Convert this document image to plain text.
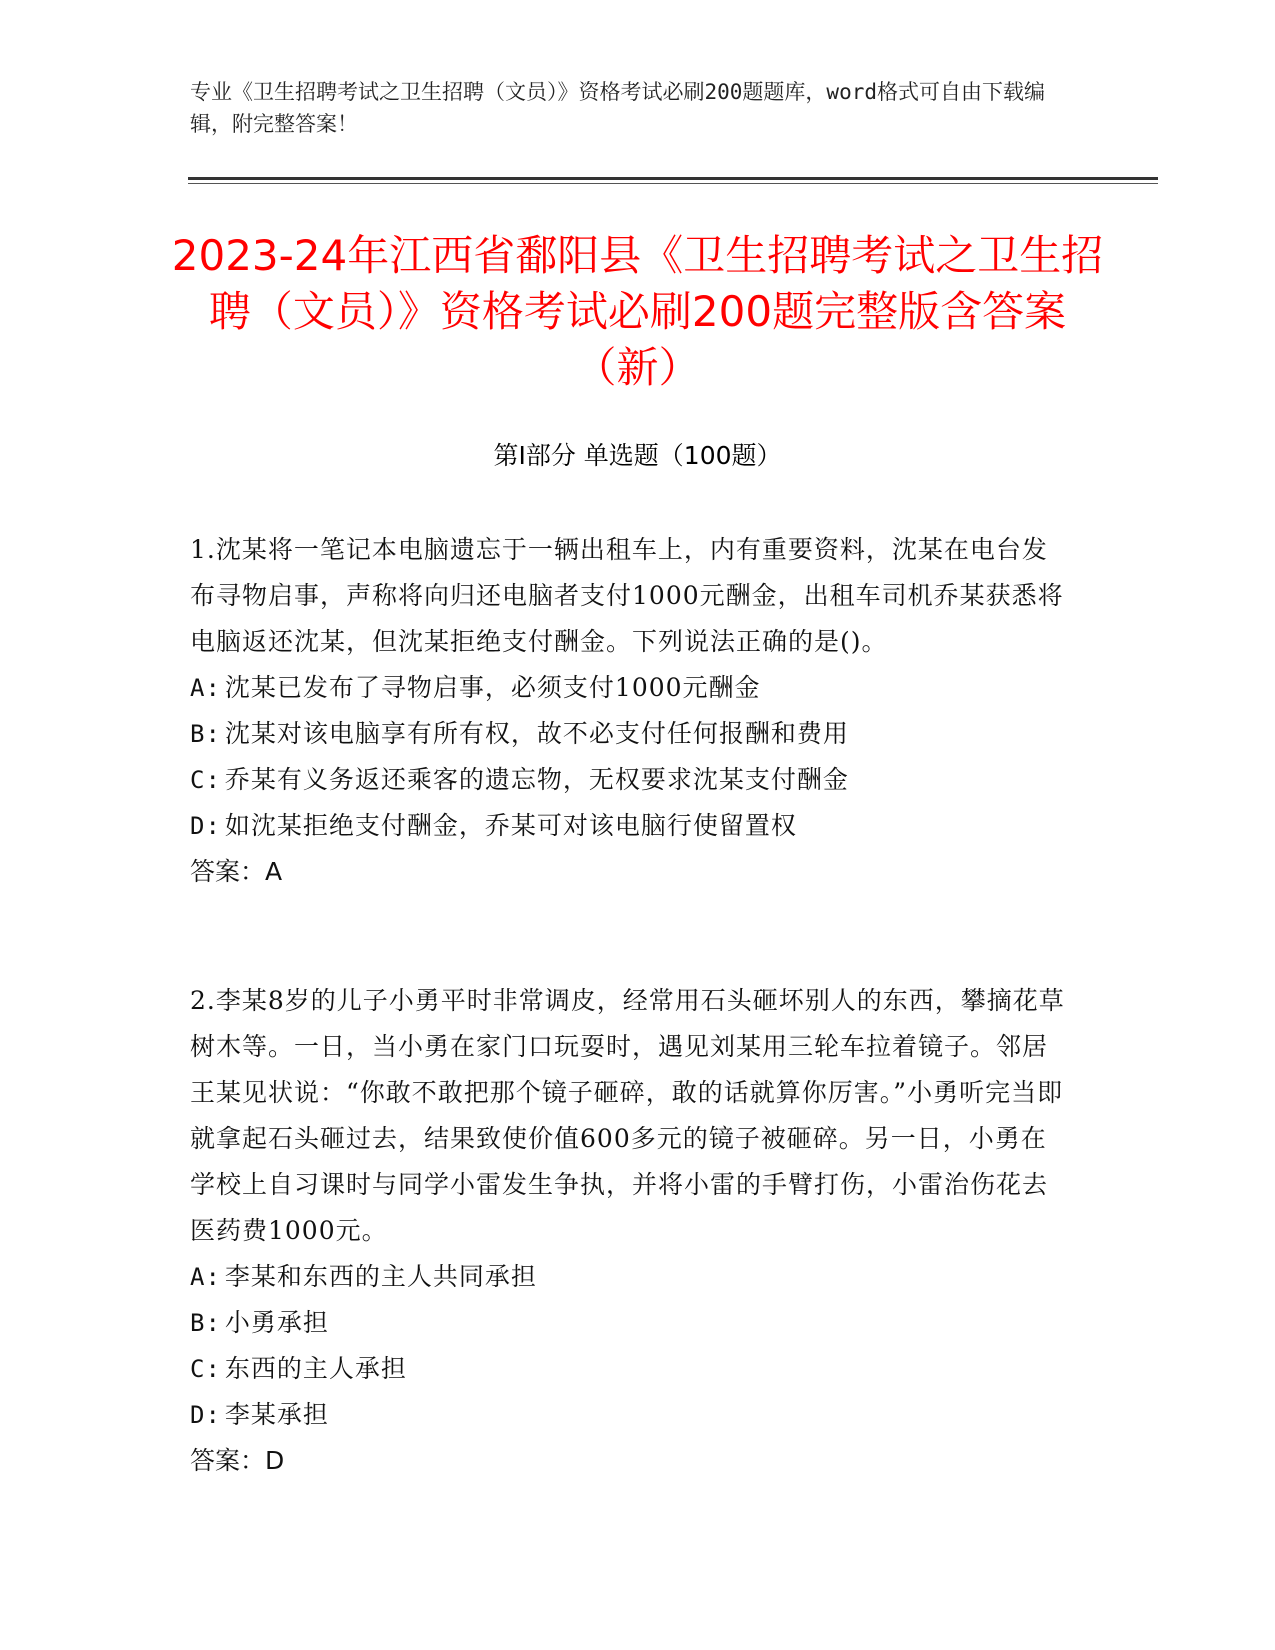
专业《卫生招聘考试之卫生招聘（文员）》资格考试必刷200题题库，word格式可自由下载编辑，附完整答案！
2023-24年江西省鄱阳县《卫生招聘考试之卫生招聘（文员）》资格考试必刷200题完整版含答案（新）
第Ⅰ部分 单选题（100题）

1.沈某将一笔记本电脑遗忘于一辆出租车上，内有重要资料，沈某在电台发布寻物启事，声称将向归还电脑者支付1000元酬金，出租车司机乔某获悉将电脑返还沈某，但沈某拒绝支付酬金。下列说法正确的是()。

A: 沈某已发布了寻物启事，必须支付1000元酬金

B: 沈某对该电脑享有所有权，故不必支付任何报酬和费用

C: 乔某有义务返还乘客的遗忘物，无权要求沈某支付酬金

D: 如沈某拒绝支付酬金，乔某可对该电脑行使留置权

答案：A

2.李某8岁的儿子小勇平时非常调皮，经常用石头砸坏别人的东西，攀摘花草树木等。一日，当小勇在家门口玩耍时，遇见刘某用三轮车拉着镜子。邻居王某见状说：“你敢不敢把那个镜子砸碎，敢的话就算你厉害。”小勇听完当即就拿起石头砸过去，结果致使价值600多元的镜子被砸碎。另一日，小勇在学校上自习课时与同学小雷发生争执，并将小雷的手臂打伤，小雷治伤花去医药费1000元。

A: 李某和东西的主人共同承担

B: 小勇承担

C: 东西的主人承担

D: 李某承担

答案：D
